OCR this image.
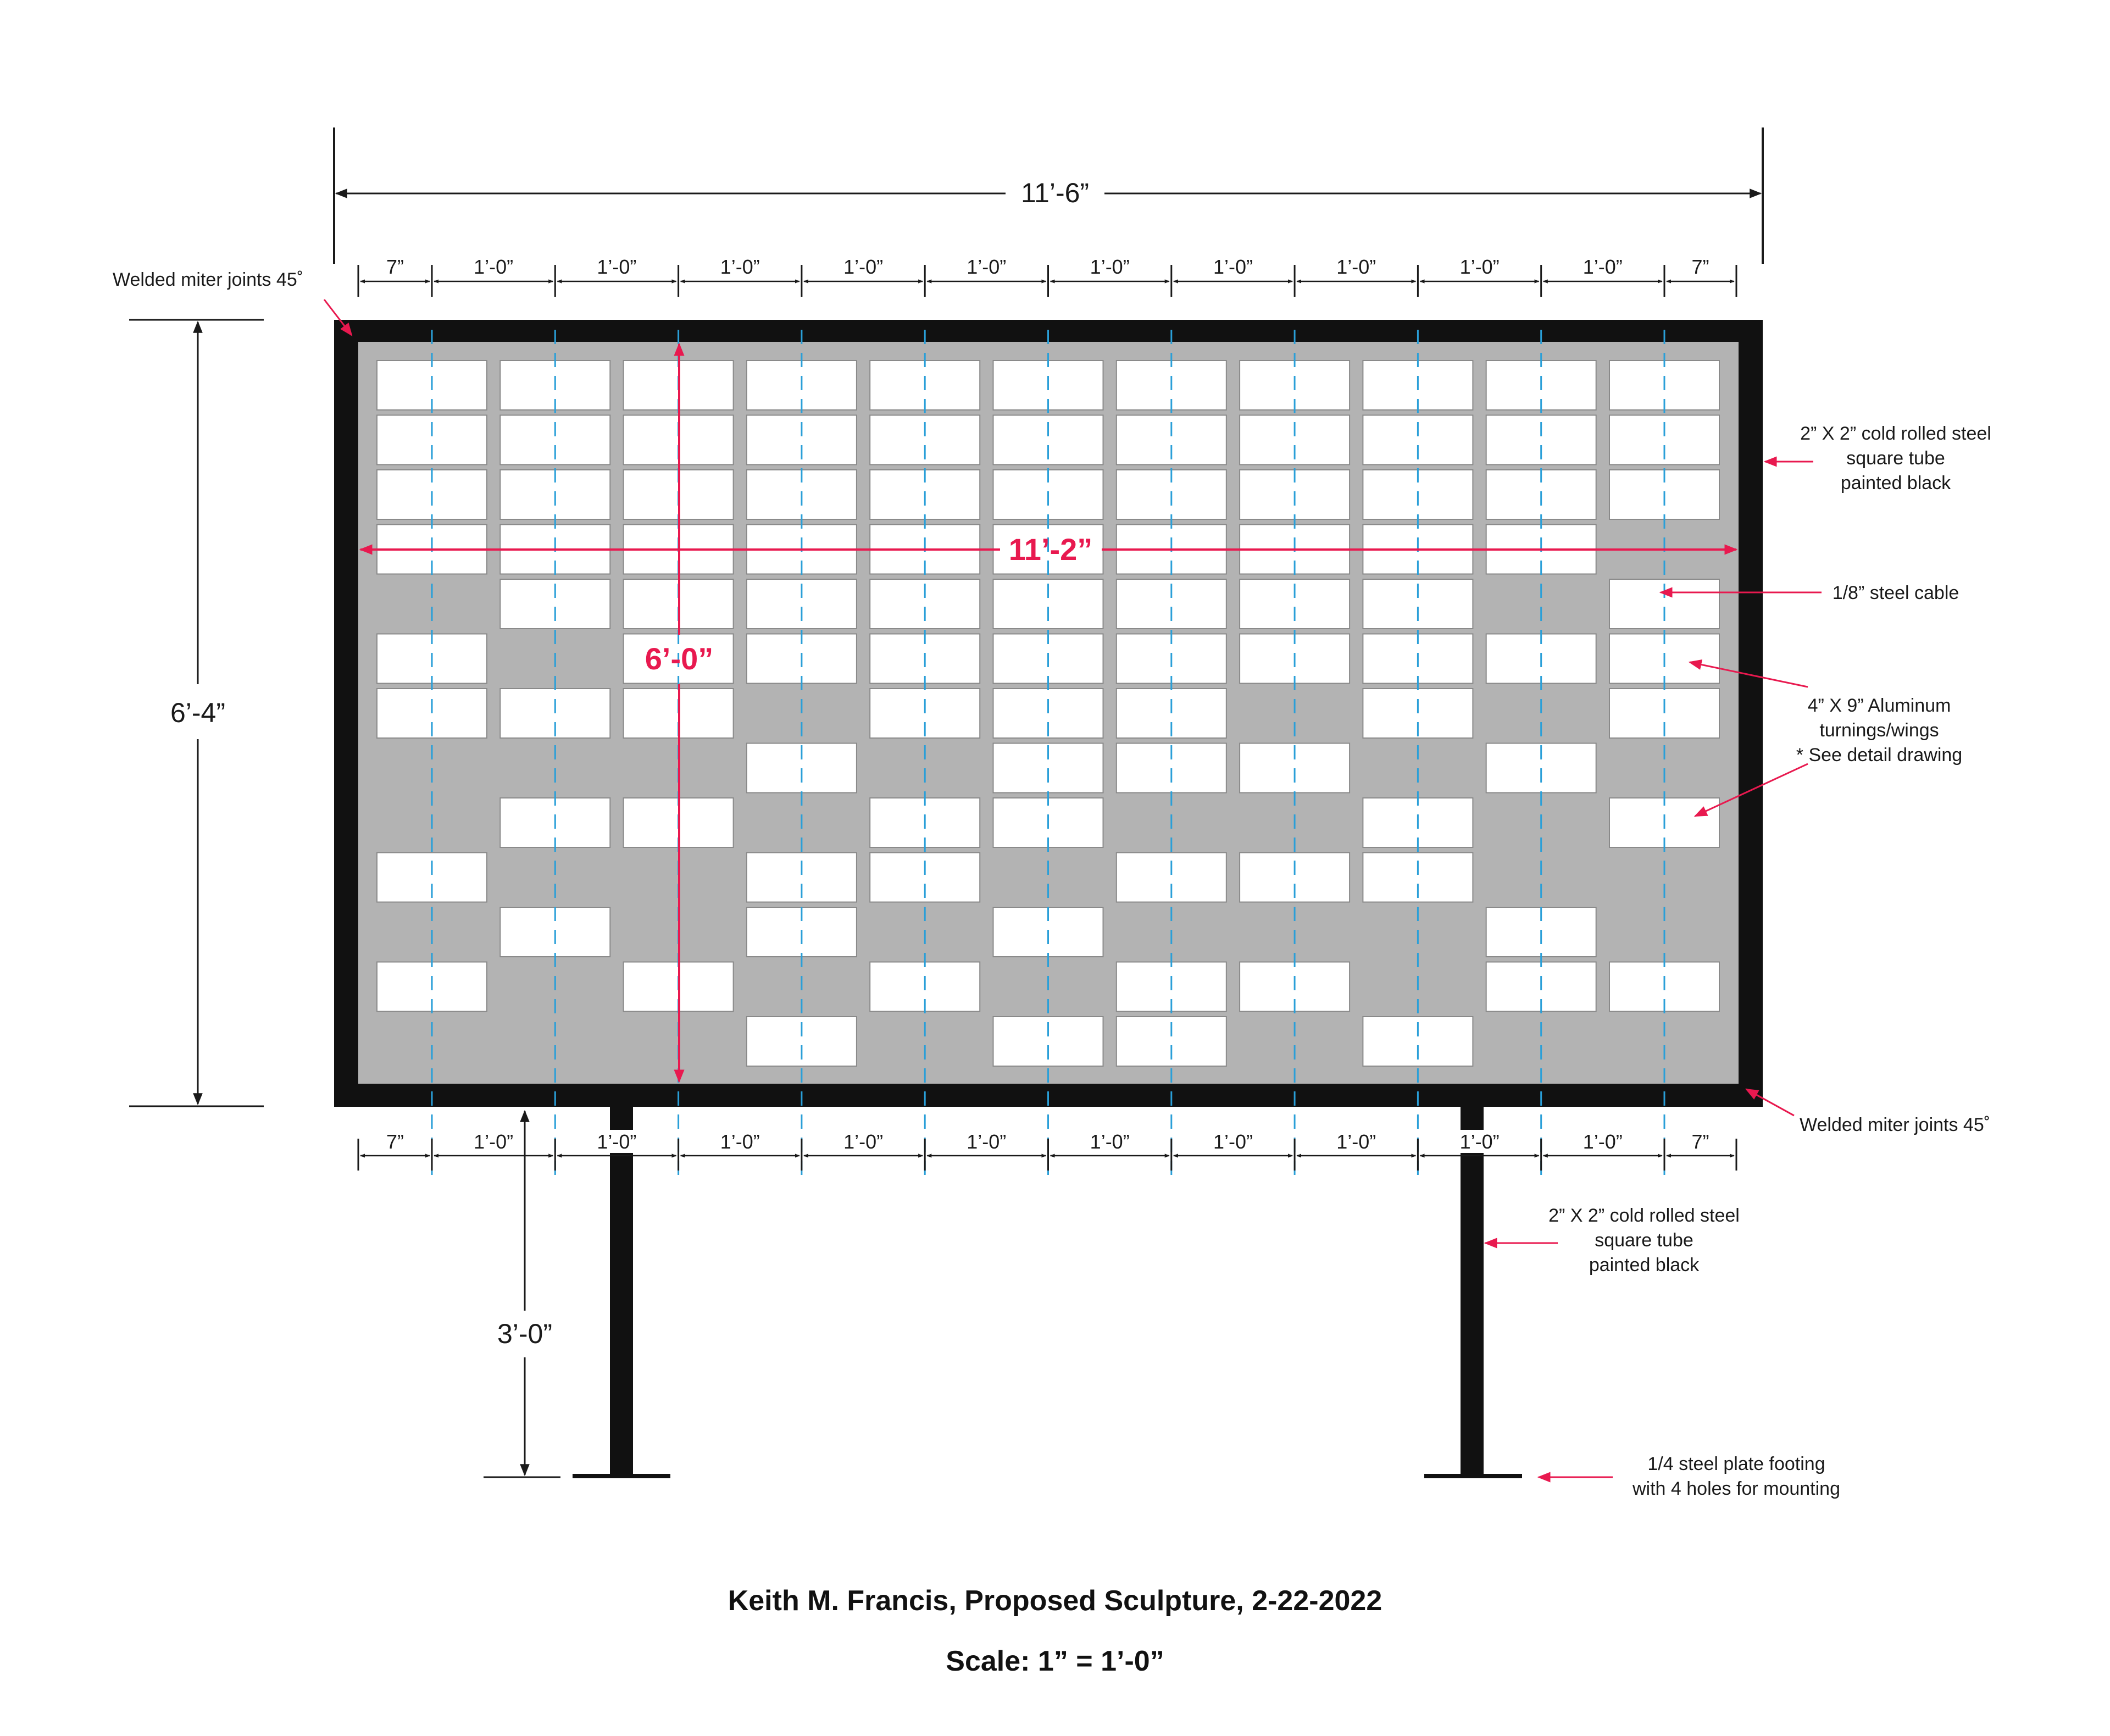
7”	1’-0”	1’-0”	1’-0”	1’-0”	1’-0”	1’-0”	1’-0”	1’-0”	1’-0”	1’-0”	7”
7”	1’-0”	1’-0”	1’-0”	1’-0”	1’-0”	1’-0”	1’-0”	1’-0”	1’-0”	1’-0”	7”
11’-6”
6’-4”
3’-0”
11’-2”
6’-0”
Welded miter joints 45˚
Welded miter joints 45˚
2” X 2” cold rolled steel
square tube
painted black
1/8” steel cable
4” X 9” Aluminum
turnings/wings
* See detail drawing
2” X 2” cold rolled steel
square tube
painted black
1/4 steel plate footing
with 4 holes for mounting
Keith M. Francis, Proposed Sculpture, 2-22-2022
Scale: 1” = 1’-0”
